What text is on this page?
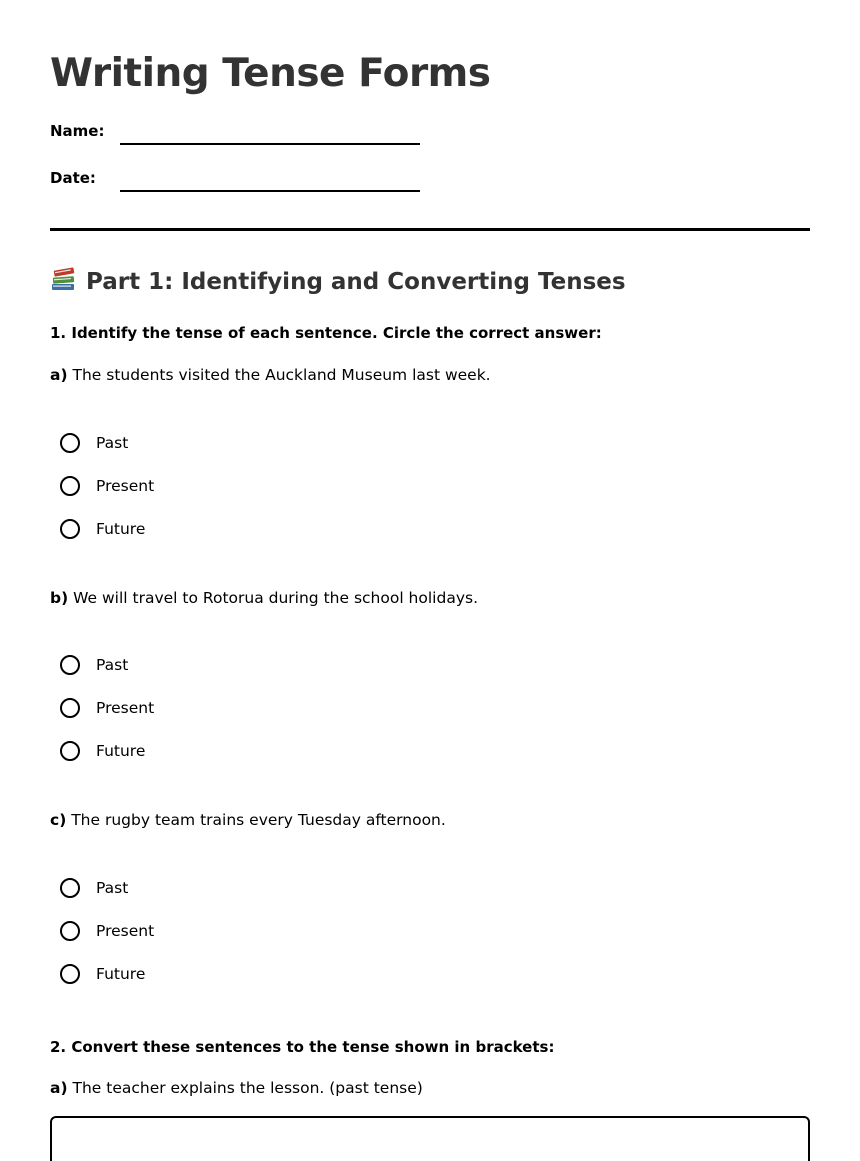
Writing Tense Forms
Name:
Date:
Part 1: Identifying and Converting Tenses
1. Identify the tense of each sentence. Circle the correct answer:
a) The students visited the Auckland Museum last week.
Past
Present
Future
b) We will travel to Rotorua during the school holidays.
Past
Present
Future
c) The rugby team trains every Tuesday afternoon.
Past
Present
Future
2. Convert these sentences to the tense shown in brackets:
a) The teacher explains the lesson. (past tense)
